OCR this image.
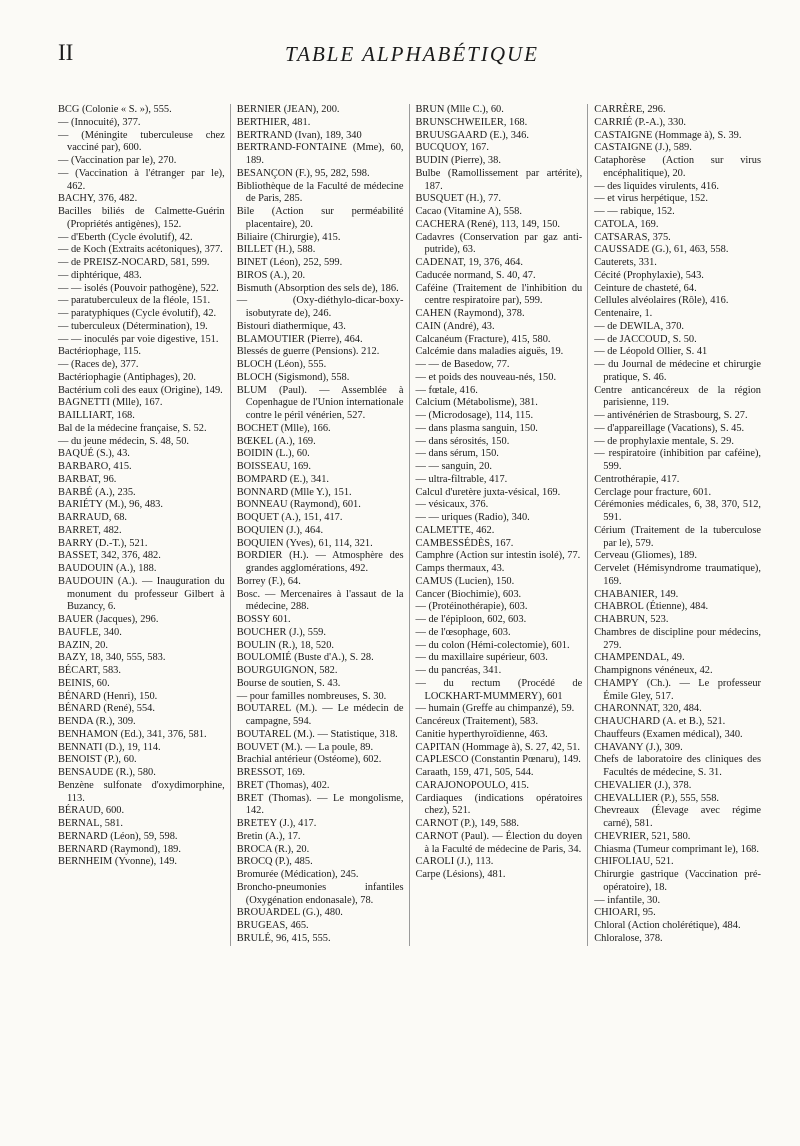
II	TABLE ALPHABÉTIQUE
BCG (Colonie « S. »), 555.
— (Innocuité), 377.
— (Méningite tuberculeuse chez vacciné par), 600.
— (Vaccination par le), 270.
— (Vaccination à l'étranger par le), 462.
BACHY, 376, 482.
Bacilles biliés de Calmette-Guérin (Propriétés antigènes), 152.
— d'Eberth (Cycle évolutif), 42.
— de Koch (Extraits acétoniques), 377.
— de PREISZ-NOCARD, 581, 599.
— diphtérique, 483.
— — isolés (Pouvoir pathogène), 522.
— paratuberculeux de la fléole, 151.
— paratyphiques (Cycle évolutif), 42.
— tuberculeux (Détermination), 19.
— — inoculés par voie digestive, 151.
Bactériophage, 115.
— (Races de), 377.
Bactériophagie (Antiphages), 20.
Bactérium coli des eaux (Origine), 149.
BAGNETTI (Mlle), 167.
BAILLIART, 168.
Bal de la médecine française, S. 52.
— du jeune médecin, S. 48, 50.
BAQUÉ (S.), 43.
BARBARO, 415.
BARBAT, 96.
BARBÉ (A.), 235.
BARIÉTY (M.), 96, 483.
BARRAUD, 68.
BARRET, 482.
BARRY (D.-T.), 521.
BASSET, 342, 376, 482.
BAUDOUIN (A.), 188.
BAUDOUIN (A.). — Inauguration du monument du professeur Gilbert à Buzancy, 6.
BAUER (Jacques), 296.
BAUFLE, 340.
BAZIN, 20.
BAZY, 18, 340, 555, 583.
BÉCART, 583.
BEINIS, 60.
BÉNARD (Henri), 150.
BÉNARD (René), 554.
BENDA (R.), 309.
BENHAMON (Ed.), 341, 376, 581.
BENNATI (D.), 19, 114.
BENOIST (P.), 60.
BENSAUDE (R.), 580.
Benzène sulfonate d'oxydimorphine, 113.
BÉRAUD, 600.
BERNAL, 581.
BERNARD (Léon), 59, 598.
BERNARD (Raymond), 189.
BERNHEIM (Yvonne), 149.
BERNIER (JEAN), 200.
BERTHIER, 481.
BERTRAND (Ivan), 189, 340
BERTRAND-FONTAINE (Mme), 60, 189.
BESANÇON (F.), 95, 282, 598.
Bibliothèque de la Faculté de médecine de Paris, 285.
Bile (Action sur perméabilité placentaire), 20.
Biliaire (Chirurgie), 415.
BILLET (H.), 588.
BINET (Léon), 252, 599.
BIROS (A.), 20.
Bismuth (Absorption des sels de), 186.
— (Oxy-diéthylo-dicar-boxy-isobutyrate de), 246.
Bistouri diathermique, 43.
BLAMOUTIER (Pierre), 464.
Blessés de guerre (Pensions). 212.
BLOCH (Léon), 555.
BLOCH (Sigismond), 558.
BLUM (Paul). — Assemblée à Copenhague de l'Union internationale contre le péril vénérien, 527.
BOCHET (Mlle), 166.
BŒKEL (A.), 169.
BOIDIN (L.), 60.
BOISSEAU, 169.
BOMPARD (E.), 341.
BONNARD (Mlle Y.), 151.
BONNEAU (Raymond), 601.
BOQUET (A.), 151, 417.
BOQUIEN (J.), 464.
BOQUIEN (Yves), 61, 114, 321.
BORDIER (H.). — Atmosphère des grandes agglomérations, 492.
Borrey (F.), 64.
Bosc. — Mercenaires à l'assaut de la médecine, 288.
BOSSY 601.
BOUCHER (J.), 559.
BOULIN (R.), 18, 520.
BOULOMIÉ (Buste d'A.), S. 28.
BOURGUIGNON, 582.
Bourse de soutien, S. 43.
— pour familles nombreuses, S. 30.
BOUTAREL (M.). — Le médecin de campagne, 594.
BOUTAREL (M.). — Statistique, 318.
BOUVET (M.). — La poule, 89.
Brachial antérieur (Ostéome), 602.
BRESSOT, 169.
BRET (Thomas), 402.
BRET (Thomas). — Le mongolisme, 142.
BRETEY (J.), 417.
Bretin (A.), 17.
BROCA (R.), 20.
BROCQ (P.), 485.
Bromurée (Médication), 245.
Broncho-pneumonies infantiles (Oxygénation endonasale), 78.
BROUARDEL (G.), 480.
BRUGEAS, 465.
BRULÉ, 96, 415, 555.
BRUN (Mlle C.), 60.
BRUNSCHWEILER, 168.
BRUUSGAARD (E.), 346.
BUCQUOY, 167.
BUDIN (Pierre), 38.
Bulbe (Ramollissement par artérite), 187.
BUSQUET (H.), 77.
Cacao (Vitamine A), 558.
CACHERA (René), 113, 149, 150.
Cadavres (Conservation par gaz anti-putride), 63.
CADENAT, 19, 376, 464.
Caducée normand, S. 40, 47.
Caféine (Traitement de l'inhibition du centre respiratoire par), 599.
CAHEN (Raymond), 378.
CAIN (André), 43.
Calcanéum (Fracture), 415, 580.
Calcémie dans maladies aiguës, 19.
— — de Basedow, 77.
— et poids des nouveau-nés, 150.
— fœtale, 416.
Calcium (Métabolisme), 381.
— (Microdosage), 114, 115.
— dans plasma sanguin, 150.
— dans sérosités, 150.
— dans sérum, 150.
— — sanguin, 20.
— ultra-filtrable, 417.
Calcul d'uretère juxta-vésical, 169.
— vésicaux, 376.
— — uriques (Radio), 340.
CALMETTE, 462.
CAMBESSÉDÈS, 167.
Camphre (Action sur intestin isolé), 77.
Camps thermaux, 43.
CAMUS (Lucien), 150.
Cancer (Biochimie), 603.
— (Protéinothérapie), 603.
— de l'épiploon, 602, 603.
— de l'œsophage, 603.
— du colon (Hémi-colectomie), 601.
— du maxillaire supérieur, 603.
— du pancréas, 341.
— du rectum (Procédé de LOCKHART-MUMMERY), 601
— humain (Greffe au chimpanzé), 59.
Cancéreux (Traitement), 583.
Canitie hyperthyroïdienne, 463.
CAPITAN (Hommage à), S. 27, 42, 51.
CAPLESCO (Constantin Pœnaru), 149.
Caraath, 159, 471, 505, 544.
CARAJONOPOULO, 415.
Cardiaques (indications opératoires chez), 521.
CARNOT (P.), 149, 588.
CARNOT (Paul). — Élection du doyen à la Faculté de médecine de Paris, 34.
CAROLI (J.), 113.
Carpe (Lésions), 481.
CARRÈRE, 296.
CARRIÉ (P.-A.), 330.
CASTAIGNE (Hommage à), S. 39.
CASTAIGNE (J.), 589.
Cataphorèse (Action sur virus encéphalitique), 20.
— des liquides virulents, 416.
— et virus herpétique, 152.
— — rabique, 152.
CATOLA, 169.
CATSARAS, 375.
CAUSSADE (G.), 61, 463, 558.
Cauterets, 331.
Cécité (Prophylaxie), 543.
Ceinture de chasteté, 64.
Cellules alvéolaires (Rôle), 416.
Centenaire, 1.
— de DEWILA, 370.
— de JACCOUD, S. 50.
— de Léopold Ollier, S. 41
— du Journal de médecine et chirurgie pratique, S. 46.
Centre anticancéreux de la région parisienne, 119.
— antivénérien de Strasbourg, S. 27.
— d'appareillage (Vacations), S. 45.
— de prophylaxie mentale, S. 29.
— respiratoire (inhibition par caféine), 599.
Centrothérapie, 417.
Cerclage pour fracture, 601.
Cérémonies médicales, 6, 38, 370, 512, 591.
Cérium (Traitement de la tuberculose par le), 579.
Cerveau (Gliomes), 189.
Cervelet (Hémisyndrome traumatique), 169.
CHABANIER, 149.
CHABROL (Étienne), 484.
CHABRUN, 523.
Chambres de discipline pour médecins, 279.
CHAMPENDAL, 49.
Champignons vénéneux, 42.
CHAMPY (Ch.). — Le professeur Émile Gley, 517.
CHARONNAT, 320, 484.
CHAUCHARD (A. et B.), 521.
Chauffeurs (Examen médical), 340.
CHAVANY (J.), 309.
Chefs de laboratoire des cliniques des Facultés de médecine, S. 31.
CHEVALIER (J.), 378.
CHEVALLIER (P.), 555, 558.
Chevreaux (Élevage avec régime carné), 581.
CHEVRIER, 521, 580.
Chiasma (Tumeur comprimant le), 168.
CHIFOLIAU, 521.
Chirurgie gastrique (Vaccination pré-opératoire), 18.
— infantile, 30.
CHIOARI, 95.
Chloral (Action cholérétique), 484.
Chloralose, 378.
